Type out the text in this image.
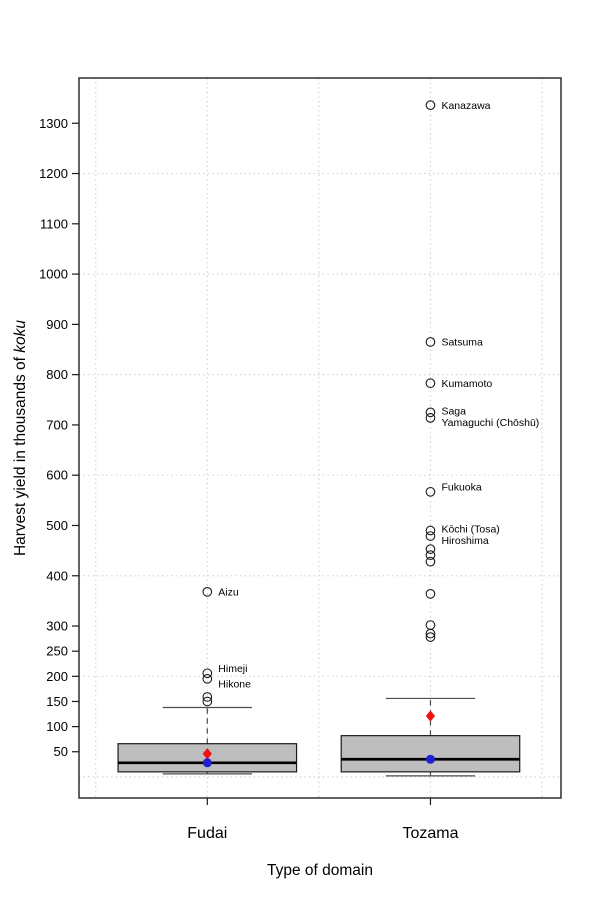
50
100
150
200
250
300
400
500
600
700
800
900
1000
1100
1200
1300
Fudai	Tozama
Hikone
Himeji
Aizu
Hiroshima
Kōchi (Tosa)
Fukuoka
Yamaguchi (Chōshū)
Saga
Kumamoto
Satsuma
Kanazawa
Harvest yield in thousands of koku
Type of domain
